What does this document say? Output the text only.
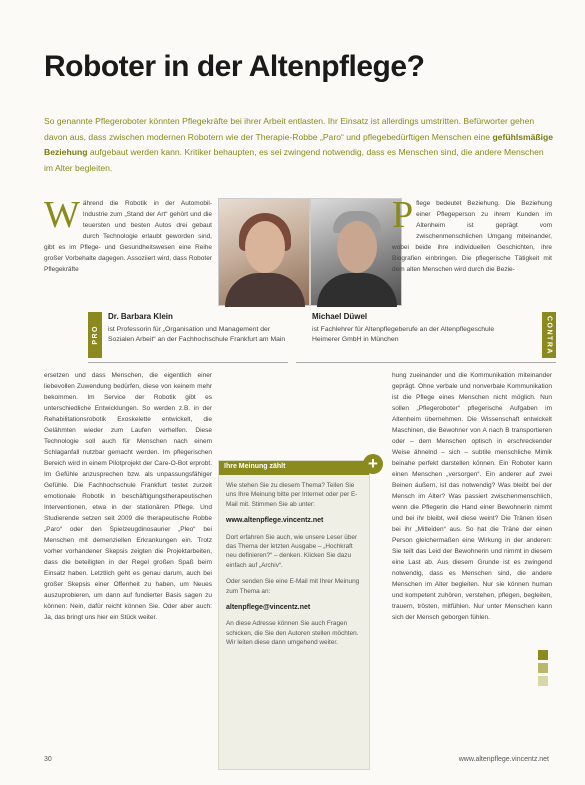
Roboter in der Altenpflege?

So genannte Pflegeroboter könnten Pflegekräfte bei ihrer Arbeit entlasten. Ihr Einsatz ist allerdings umstritten. Befürworter gehen davon aus, dass zwischen modernen Robotern wie der Therapie-Robbe „Paro“ und pflegebedürftigen Menschen eine gefühlsmäßige Beziehung aufgebaut werden kann. Kritiker behaupten, es sei zwingend notwendig, dass es Menschen sind, die andere Menschen im Alter begleiten.

W ährend die Robotik in der Automobil-Industrie zum „Stand der Art“ gehört und die teuersten und besten Autos drei gebaut durch Technologie erlaubt geworden sind, gibt es im Pflege- und Gesundheitswesen eine Reihe großer Vorbehalte dagegen. Assoziiert wird, dass Roboter Pflegekräfte
P flege bedeutet Beziehung. Die Beziehung einer Pflegeperson zu ihrem Kunden im Altenheim ist geprägt vom zwischenmenschlichen Umgang miteinander, wobei beide ihre individuellen Geschichten, ihre Biografien einbringen. Die pflegerische Tätigkeit mit dem alten Menschen wird durch die Bezie-
PRO
Dr. Barbara Klein
ist Professorin für „Organisation und Management der Sozialen Arbeit“ an der Fachhochschule Frankfurt am Main
Michael Düwel
ist Fachlehrer für Altenpflegeberufe an der Altenpflegeschule Heimerer GmbH in München	CONTRA
ersetzen und dass Menschen, die eigentlich einer liebevollen Zuwendung bedürfen, diese von keinem mehr bekommen. Im Service der Robotik gibt es unterschiedliche Entwicklungen. So werden z.B. in der Rehabilitationsrobotik Exoskelette entwickelt, die Gelähmten wieder zum Laufen verhelfen. Diese Technologie soll auch für Menschen nach einem Schlaganfall nutzbar gemacht werden. Im pflegerischen Bereich wird in einem Pilotprojekt der Care-O-Bot erprobt. Im Gefühle anzusprechen bzw. als unpassungsfähiger Gefühle. Die Fachhochschule Frankfurt testet zurzeit emotionale Robotik in beschäftigungstherapeutischen Interventionen, etwa in der stationären Pflege. Und Studierende setzen seit 2009 die therapeutische Robbe „Paro“ oder den Spielzeugdinosaurier „Pleo“ bei Menschen mit demenziellen Erkrankungen ein. Trotz vorher vorhandener Skepsis zeigten die Projektarbeiten, dass die beteiligten in der Regel großen Spaß beim Einsatz haben. Letztlich geht es genau darum, auch bei großer Skepsis einer Offenheit zu haben, um Neues auszuprobieren, um dann auf fundierter Basis sagen zu können: Nein, dafür reicht können Sie. Oder aber auch: Ja, das bringt uns hier ein Stück weiter.
Ihre Meinung zählt

Wie stehen Sie zu diesem Thema? Teilen Sie uns Ihre Meinung bitte per Internet oder per E-Mail mit. Stimmen Sie ab unter:

www.altenpflege.vincentz.net

Dort erfahren Sie auch, wie unsere Leser über das Thema der letzten Ausgabe – „Hochkraft neu definieren?“ – denken. Klicken Sie dazu einfach auf „Archiv“.

Oder senden Sie eine E-Mail mit Ihrer Meinung zum Thema an:

altenpflege@vincentz.net

An diese Adresse können Sie auch Fragen schicken, die Sie den Autoren stellen möchten. Wir leiten diese dann umgehend weiter.

+
hung zueinander und die Kommunikation miteinander geprägt. Ohne verbale und nonverbale Kommunikation ist die Pflege eines Menschen nicht möglich. Nun sollen „Pflegeroboter“ pflegerische Aufgaben im Altenheim übernehmen. Die Wissenschaft entwickelt Maschinen, die Bewohner von A nach B transportieren oder – dem Menschen optisch in erschreckender Weise ähnelnd – sich – subtile menschliche Mimik beinahe perfekt darstellen können. Ein Roboter kann einen Menschen „versorgen“. Ein anderer auf zwei Beinen äußern, ist das notwendig? Was bleibt bei der Mensch im Alter? Was passiert zwischenmenschlich, wenn die Pflegerin die Hand einer Bewohnerin nimmt und bei ihr bleibt, weil diese weint? Die Tränen lösen bei ihr „Mitleiden“ aus. So hat die Träne der einen Person gleichermaßen eine Wirkung in der anderen: Sie teilt das Leid der Bewohnerin und nimmt in diesem eine Last ab. Aus diesem Grunde ist es zwingend notwendig, dass es Menschen sind, die andere Menschen im Alter begleiten. Nur sie können human und kompetent zuhören, verstehen, pflegen, begleiten, trauern, trösten, mitfühlen. Nur unter Menschen kann sich der Mensch geborgen fühlen.
30	www.altenpflege.vincentz.net
